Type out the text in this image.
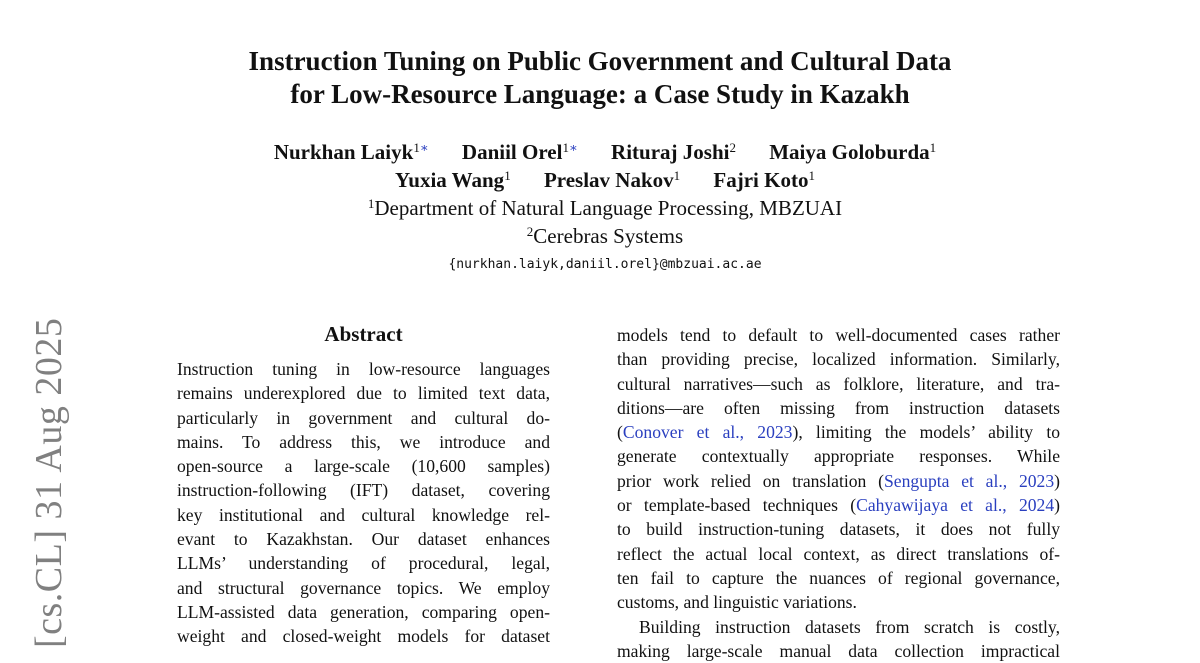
[cs.CL] 31 Aug 2025
Instruction Tuning on Public Government and Cultural Data
for Low-Resource Language: a Case Study in Kazakh
Nurkhan Laiyk$^{1∗}$ Daniil Orel$^{1∗}$ Rituraj Joshi$^2$ Maiya Goloburda$^1$
Yuxia Wang$^1$ Preslav Nakov$^1$ Fajri Koto$^1$
$^1$Department of Natural Language Processing, MBZUAI
$^2$Cerebras Systems
{nurkhan.laiyk,daniil.orel}@mbzuai.ac.ae
Abstract
Instruction tuning in low-resource languages
remains underexplored due to limited text data,
particularly in government and cultural do-
mains. To address this, we introduce and
open-source a large-scale (10,600 samples)
instruction-following (IFT) dataset, covering
key institutional and cultural knowledge rel-
evant to Kazakhstan. Our dataset enhances
LLMs’ understanding of procedural, legal,
and structural governance topics. We employ
LLM-assisted data generation, comparing open-
weight and closed-weight models for dataset
models tend to default to well-documented cases rather
than providing precise, localized information. Similarly,
cultural narratives—such as folklore, literature, and tra-
ditions—are often missing from instruction datasets
(Conover et al., 2023), limiting the models’ ability to
generate contextually appropriate responses. While
prior work relied on translation (Sengupta et al., 2023)
or template-based techniques (Cahyawijaya et al., 2024)
to build instruction-tuning datasets, it does not fully
reflect the actual local context, as direct translations of-
ten fail to capture the nuances of regional governance,
customs, and linguistic variations.
Building instruction datasets from scratch is costly,
making large-scale manual data collection impractical
